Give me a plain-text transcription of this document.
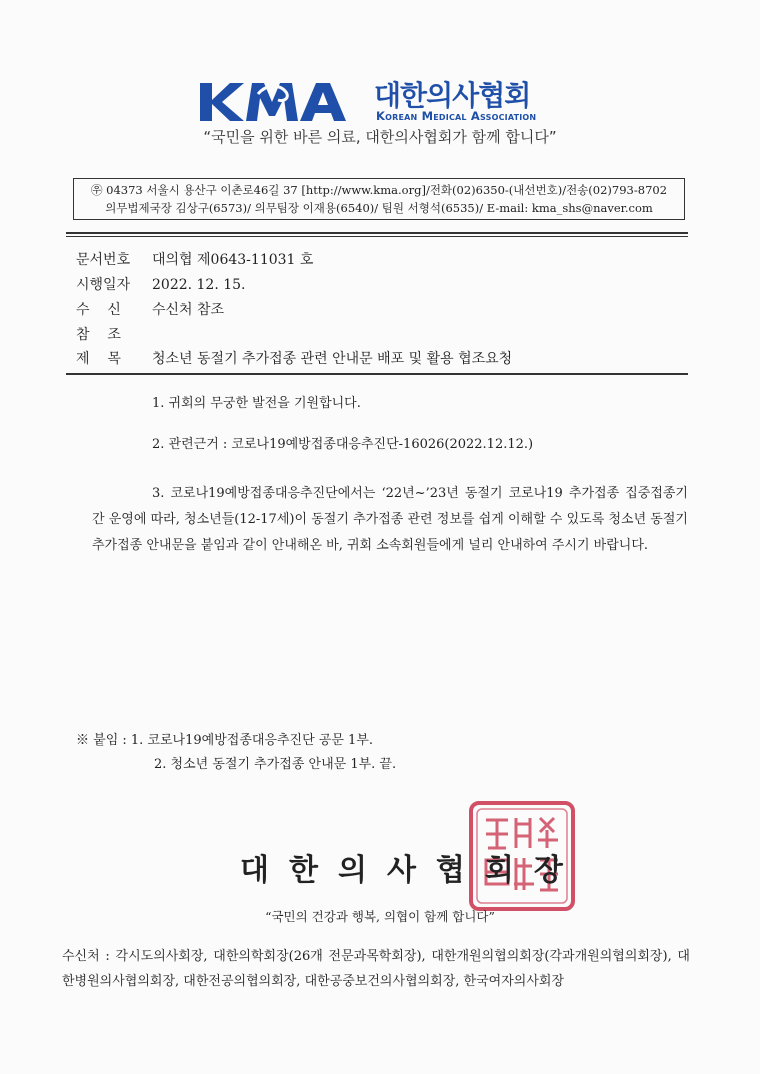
대한의사협회
Korean Medical Association
“국민을 위한 바른 의료, 대한의사협회가 함께 합니다”
㉾ 04373 서울시 용산구 이촌로46길 37 [http://www.kma.org]/전화(02)6350-(내선번호)/전송(02)793-8702
의무법제국장 김상구(6573)/ 의무팀장 이재용(6540)/ 팀원 서형석(6535)/ E-mail: kma_shs@naver.com
문서번호 대의협 제0643-11031 호
시행일자 2022. 12. 15.
수    신 수신처 참조
참    조
제    목 청소년 동절기 추가접종 관련 안내문 배포 및 활용 협조요청
1. 귀회의 무궁한 발전을 기원합니다.
2. 관련근거 : 코로나19예방접종대응추진단-16026(2022.12.12.)
3. 코로나19예방접종대응추진단에서는 ‘22년~’23년 동절기 코로나19 추가접종 집중접종기간 운영에 따라, 청소년들(12-17세)이 동절기 추가접종 관련 정보를 쉽게 이해할 수 있도록 청소년 동절기 추가접종 안내문을 붙임과 같이 안내해온 바, 귀회 소속회원들에게 널리 안내하여 주시기 바랍니다.
※ 붙임 : 1. 코로나19예방접종대응추진단 공문 1부.
2. 청소년 동절기 추가접종 안내문 1부. 끝.
대한의사협회장
“국민의 건강과 행복, 의협이 함께 합니다”
수신처 : 각시도의사회장, 대한의학회장(26개 전문과목학회장), 대한개원의협의회장(각과개원의협의회장), 대한병원의사협의회장, 대한전공의협의회장, 대한공중보건의사협의회장, 한국여자의사회장
